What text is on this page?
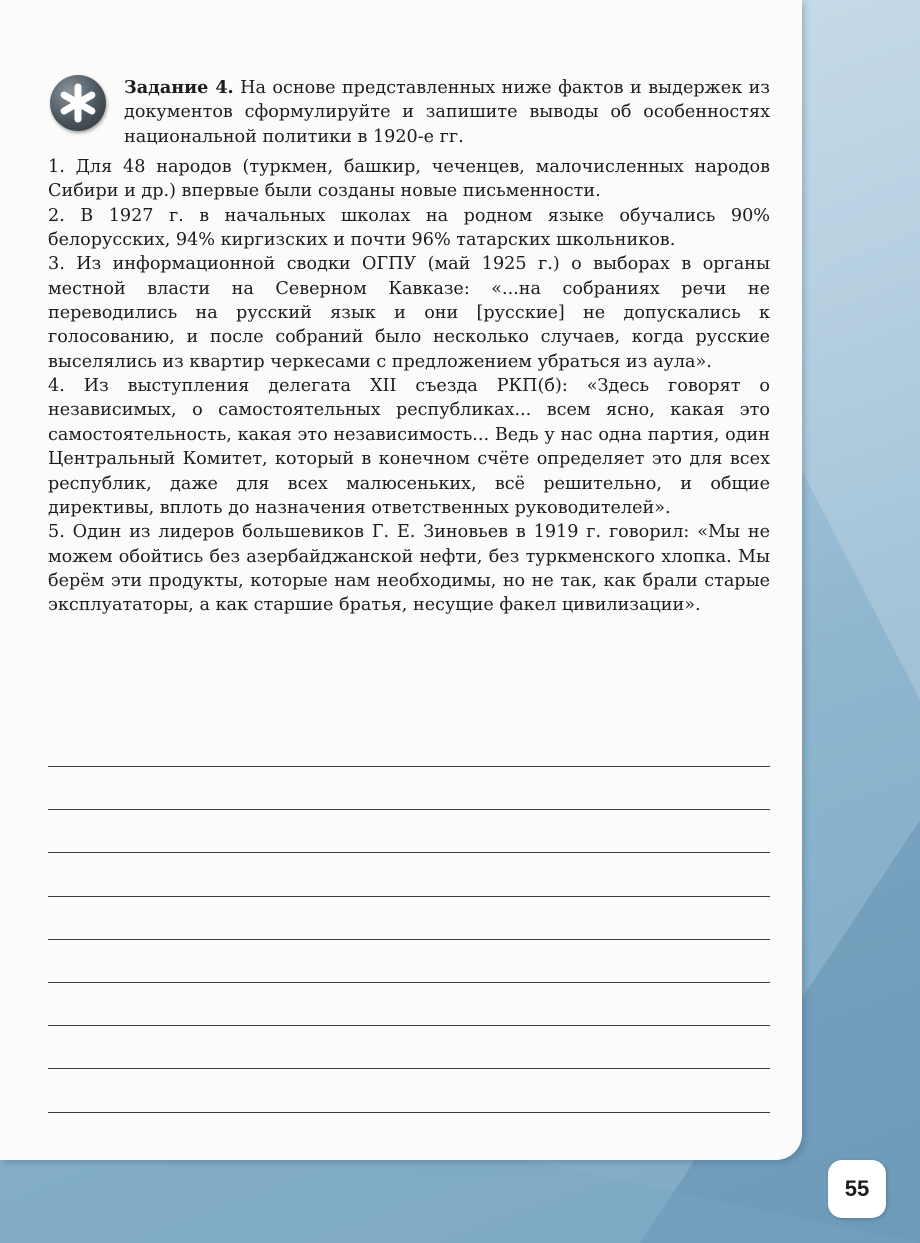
Задание 4. На основе представленных ниже фактов и выдержек из документов сформулируйте и запишите выводы об особенностях национальной политики в 1920-е гг.

1. Для 48 народов (туркмен, башкир, чеченцев, малочисленных народов Сибири и др.) впервые были созданы новые письменности.

2. В 1927 г. в начальных школах на родном языке обучались 90% белорусских, 94% киргизских и почти 96% татарских школьников.

3. Из информационной сводки ОГПУ (май 1925 г.) о выборах в органы местной власти на Северном Кавказе: «...на собраниях речи не переводились на русский язык и они [русские] не допускались к голосованию, и после собраний было несколько случаев, когда русские выселялись из квартир черкесами с предложением убраться из аула».

4. Из выступления делегата XII съезда РКП(б): «Здесь говорят о независимых, о самостоятельных республиках... всем ясно, какая это самостоятельность, какая это независимость... Ведь у нас одна партия, один Центральный Комитет, который в конечном счёте определяет это для всех республик, даже для всех малюсеньких, всё решительно, и общие директивы, вплоть до назначения ответственных руководителей».

5. Один из лидеров большевиков Г. Е. Зиновьев в 1919 г. говорил: «Мы не можем обойтись без азербайджанской нефти, без туркменского хлопка. Мы берём эти продукты, которые нам необходимы, но не так, как брали старые эксплуататоры, а как старшие братья, несущие факел цивилизации».

55
